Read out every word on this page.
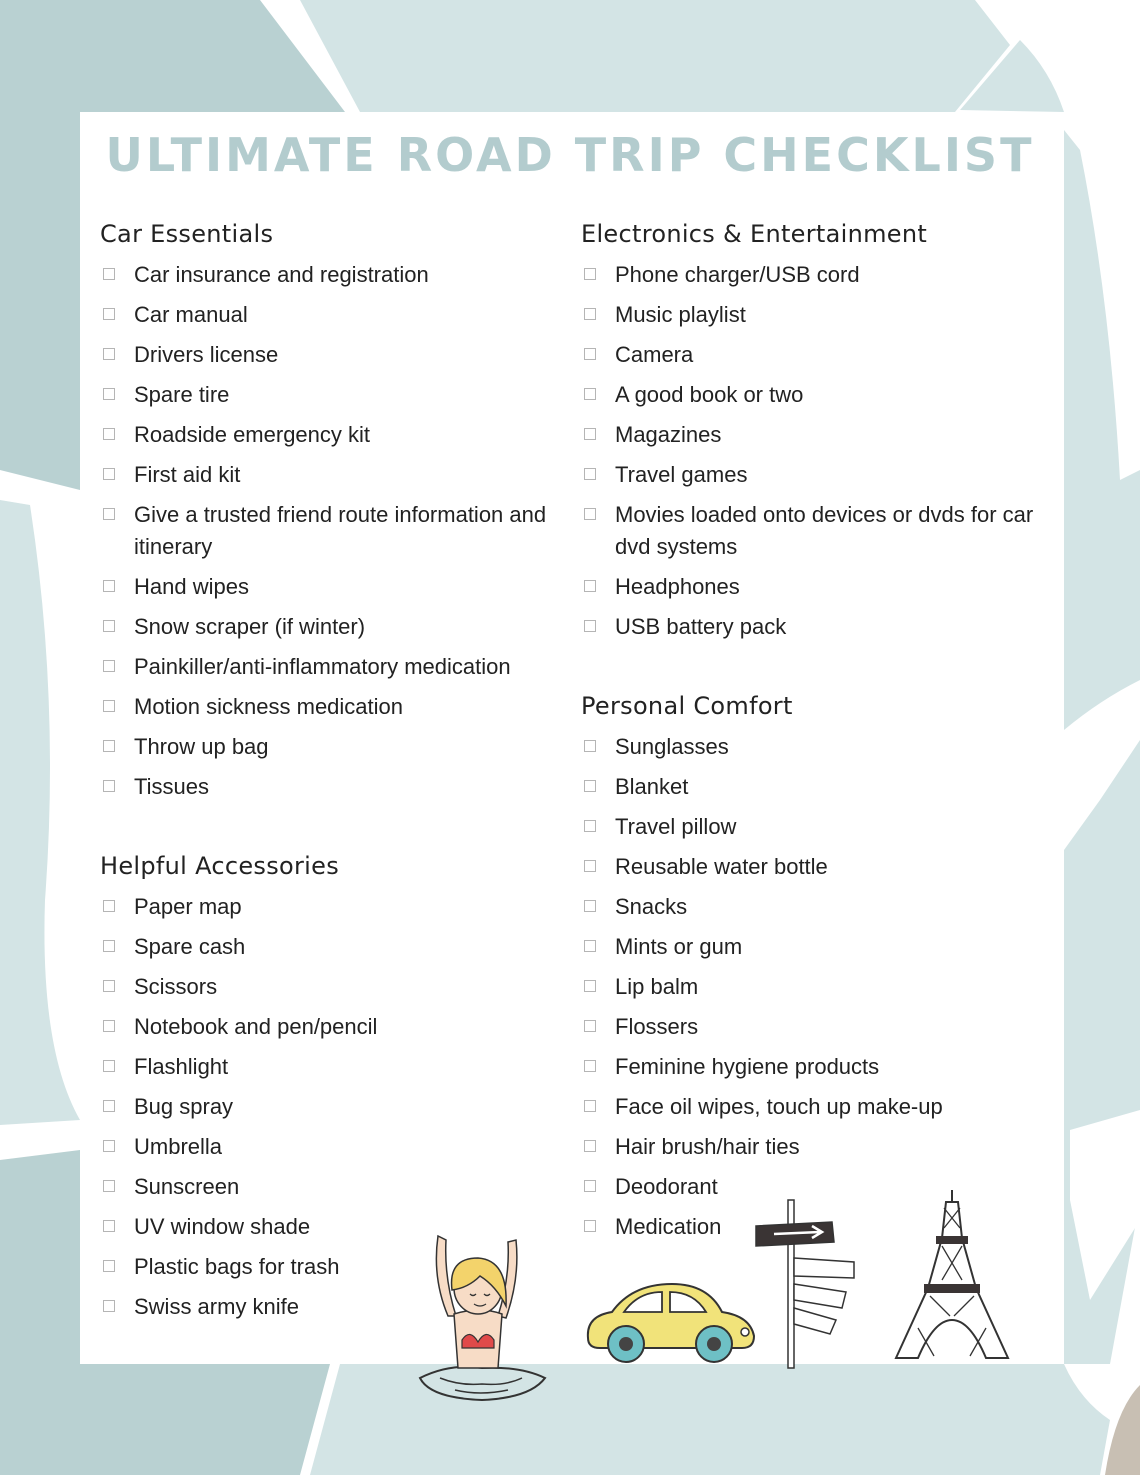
ULTIMATE ROAD TRIP CHECKLIST
Car Essentials
Car insurance and registration
Car manual
Drivers license
Spare tire
Roadside emergency kit
First aid kit
Give a trusted friend route information and itinerary
Hand wipes
Snow scraper (if winter)
Painkiller/anti-inflammatory medication
Motion sickness medication
Throw up bag
Tissues
Helpful Accessories
Paper map
Spare cash
Scissors
Notebook and pen/pencil
Flashlight
Bug spray
Umbrella
Sunscreen
UV window shade
Plastic bags for trash
Swiss army knife
Electronics & Entertainment
Phone charger/USB cord
Music playlist
Camera
A good book or two
Magazines
Travel games
Movies loaded onto devices or dvds for car dvd systems
Headphones
USB battery pack
Personal Comfort
Sunglasses
Blanket
Travel pillow
Reusable water bottle
Snacks
Mints or gum
Lip balm
Flossers
Feminine hygiene products
Face oil wipes, touch up make-up
Hair brush/hair ties
Deodorant
Medication
